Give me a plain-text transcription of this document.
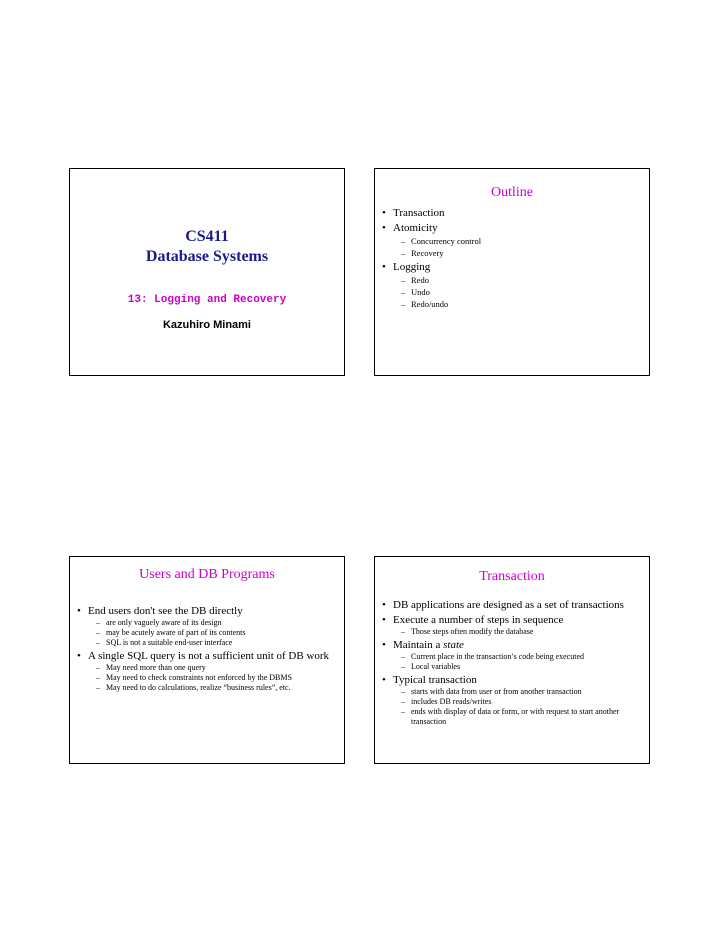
CS411
Database Systems
13: Logging and Recovery
Kazuhiro Minami
Outline
• Transaction
• Atomicity
– Concurrency control
– Recovery
• Logging
– Redo
– Undo
– Redo/undo
Users and DB Programs
• End users don't see the DB directly
– are only vaguely aware of its design
– may be acutely aware of part of its contents
– SQL is not a suitable end-user interface
• A single SQL query is not a sufficient unit of DB work
– May need more than one query
– May need to check constraints not enforced by the DBMS
– May need to do calculations, realize “business rules”, etc.
Transaction
• DB applications are designed as a set of transactions
• Execute a number of steps in sequence
– Those steps often modify the database
• Maintain a state
– Current place in the transaction’s code being executed
– Local variables
• Typical transaction
– starts with data from user or from another transaction
– includes DB reads/writes
– ends with display of data or form, or with request to start another transaction
